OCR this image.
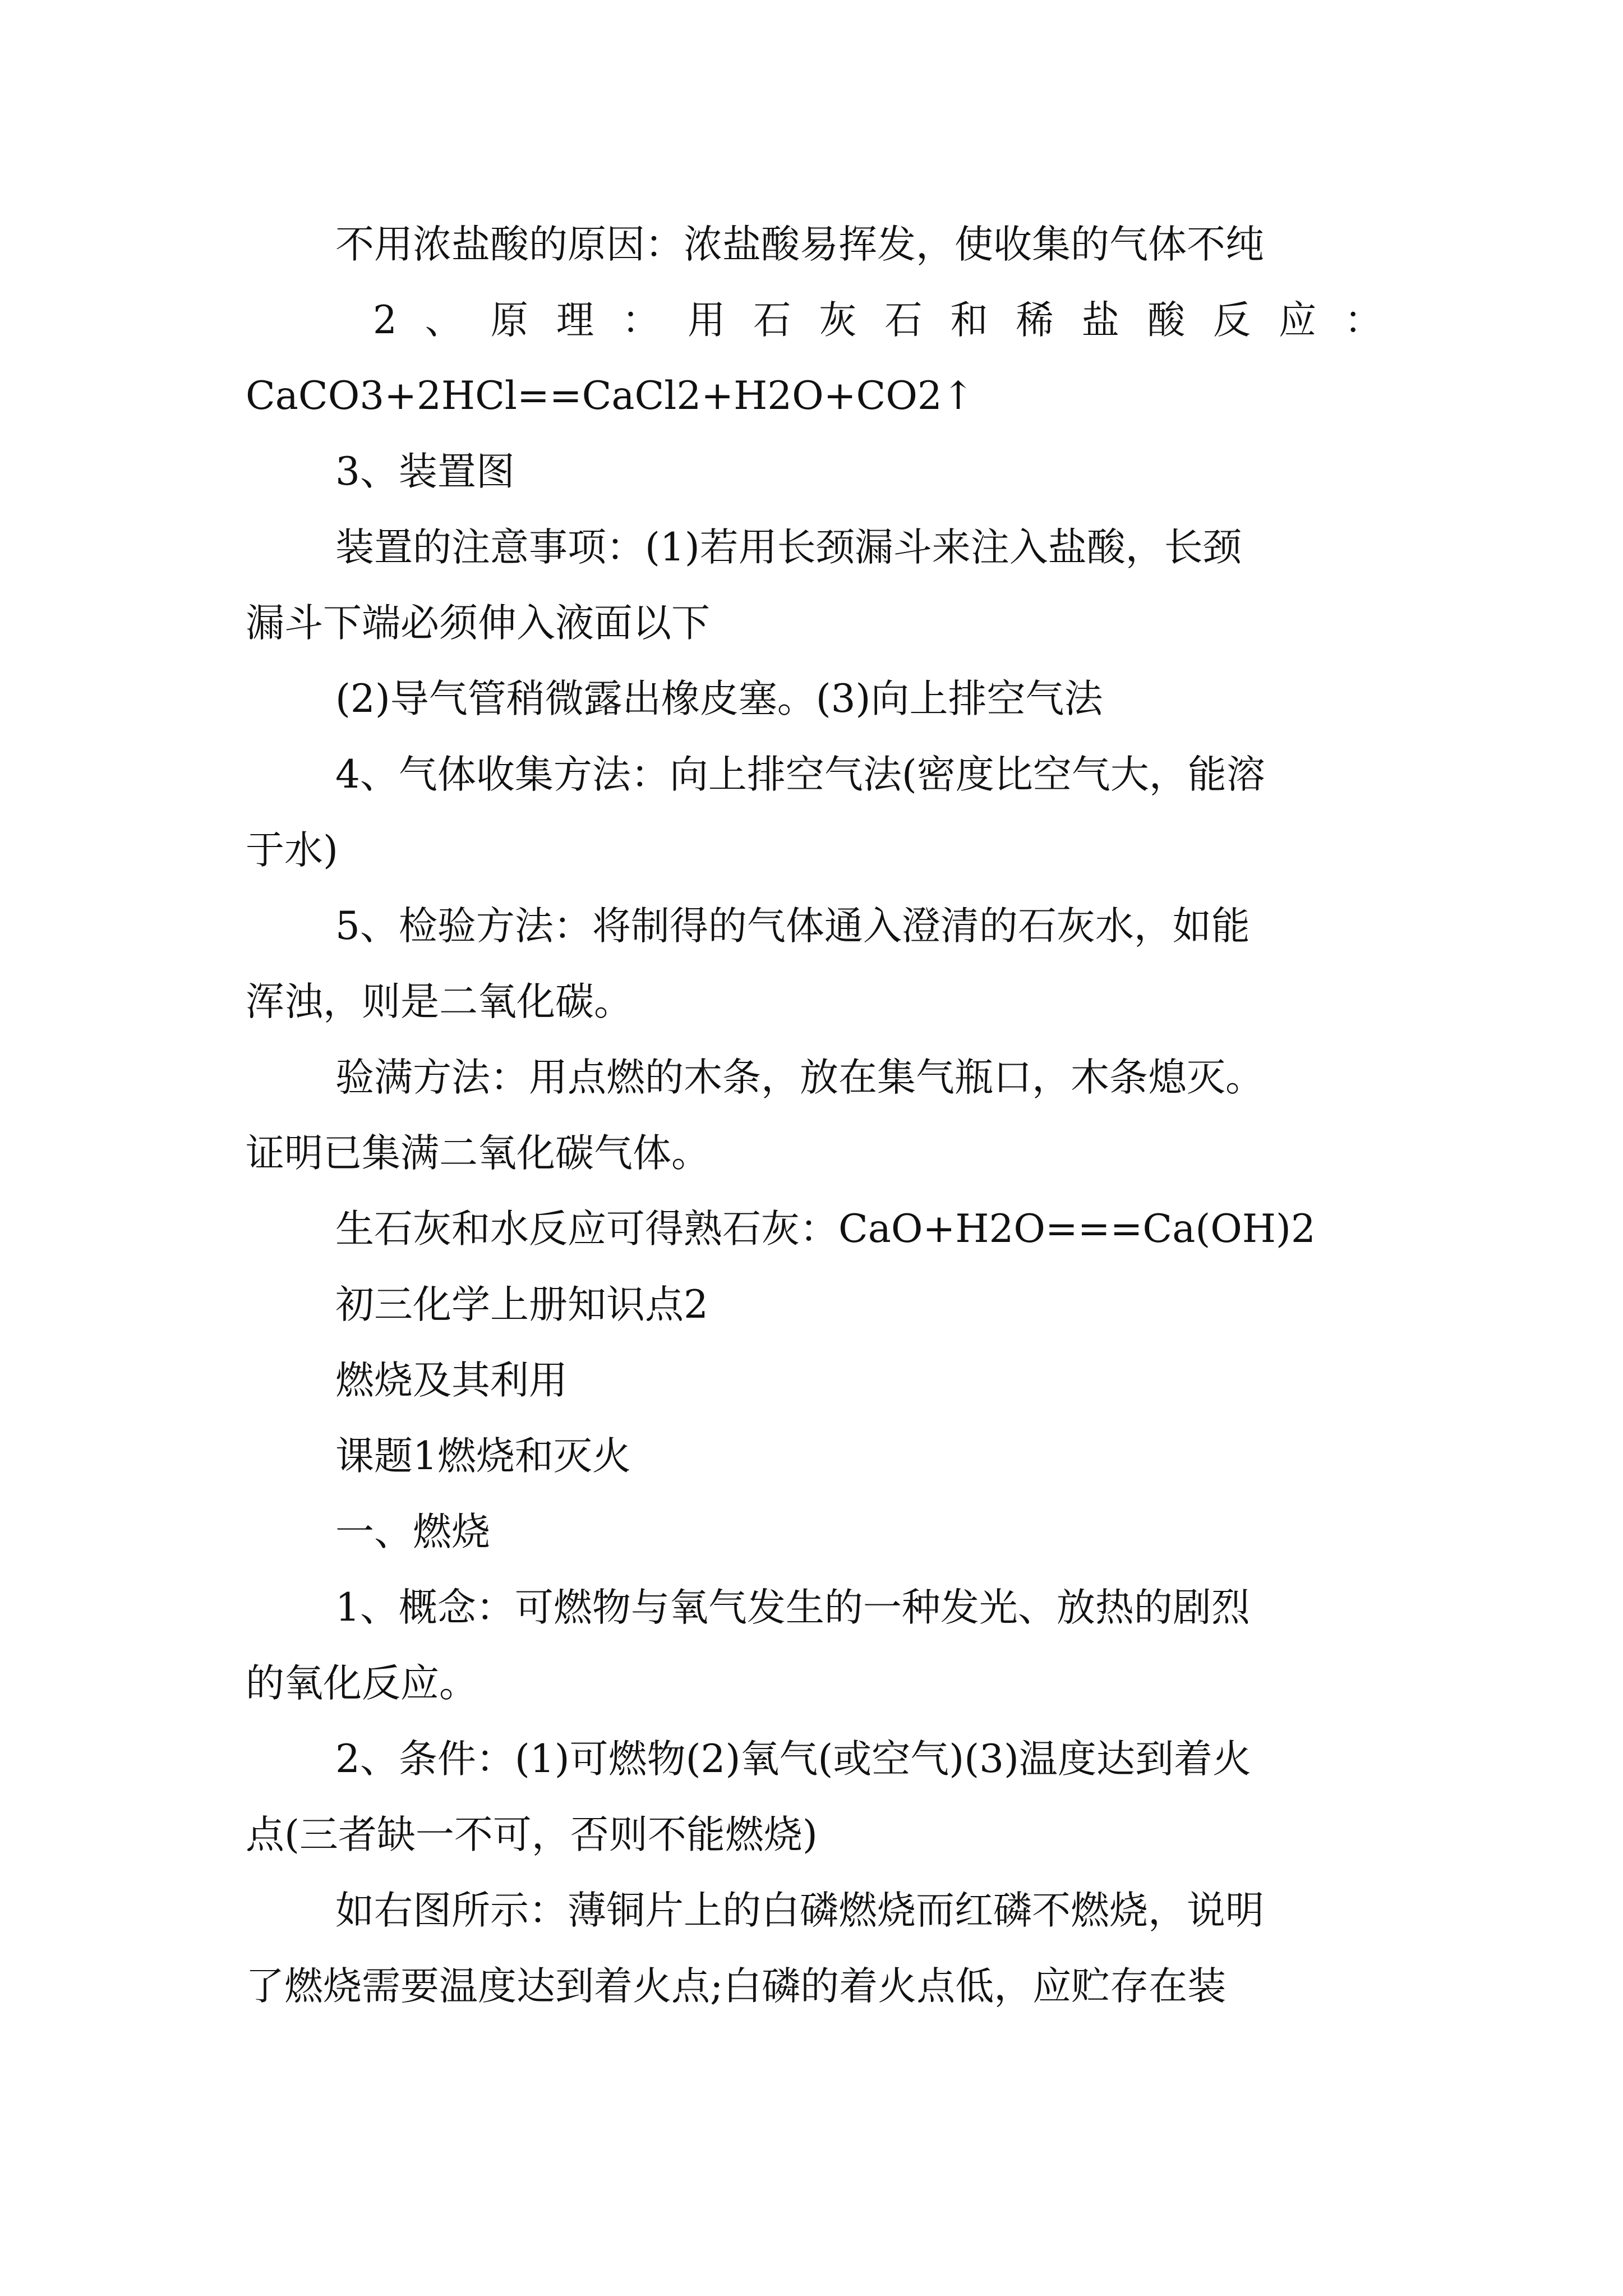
不用浓盐酸的原因：浓盐酸易挥发，使收集的气体不纯

2、原理：用石灰石和稀盐酸反应：

CaCO3+2HCl==CaCl2+H2O+CO2↑

3、装置图

装置的注意事项：(1)若用长颈漏斗来注入盐酸，长颈

漏斗下端必须伸入液面以下

(2)导气管稍微露出橡皮塞。(3)向上排空气法

4、气体收集方法：向上排空气法(密度比空气大，能溶

于水)

5、检验方法：将制得的气体通入澄清的石灰水，如能

浑浊，则是二氧化碳。

验满方法：用点燃的木条，放在集气瓶口，木条熄灭。

证明已集满二氧化碳气体。

生石灰和水反应可得熟石灰：CaO+H2O===Ca(OH)2

初三化学上册知识点2

燃烧及其利用

课题1燃烧和灭火

一、燃烧

1、概念：可燃物与氧气发生的一种发光、放热的剧烈

的氧化反应。

2、条件：(1)可燃物(2)氧气(或空气)(3)温度达到着火

点(三者缺一不可，否则不能燃烧)

如右图所示：薄铜片上的白磷燃烧而红磷不燃烧，说明

了燃烧需要温度达到着火点;白磷的着火点低，应贮存在装
